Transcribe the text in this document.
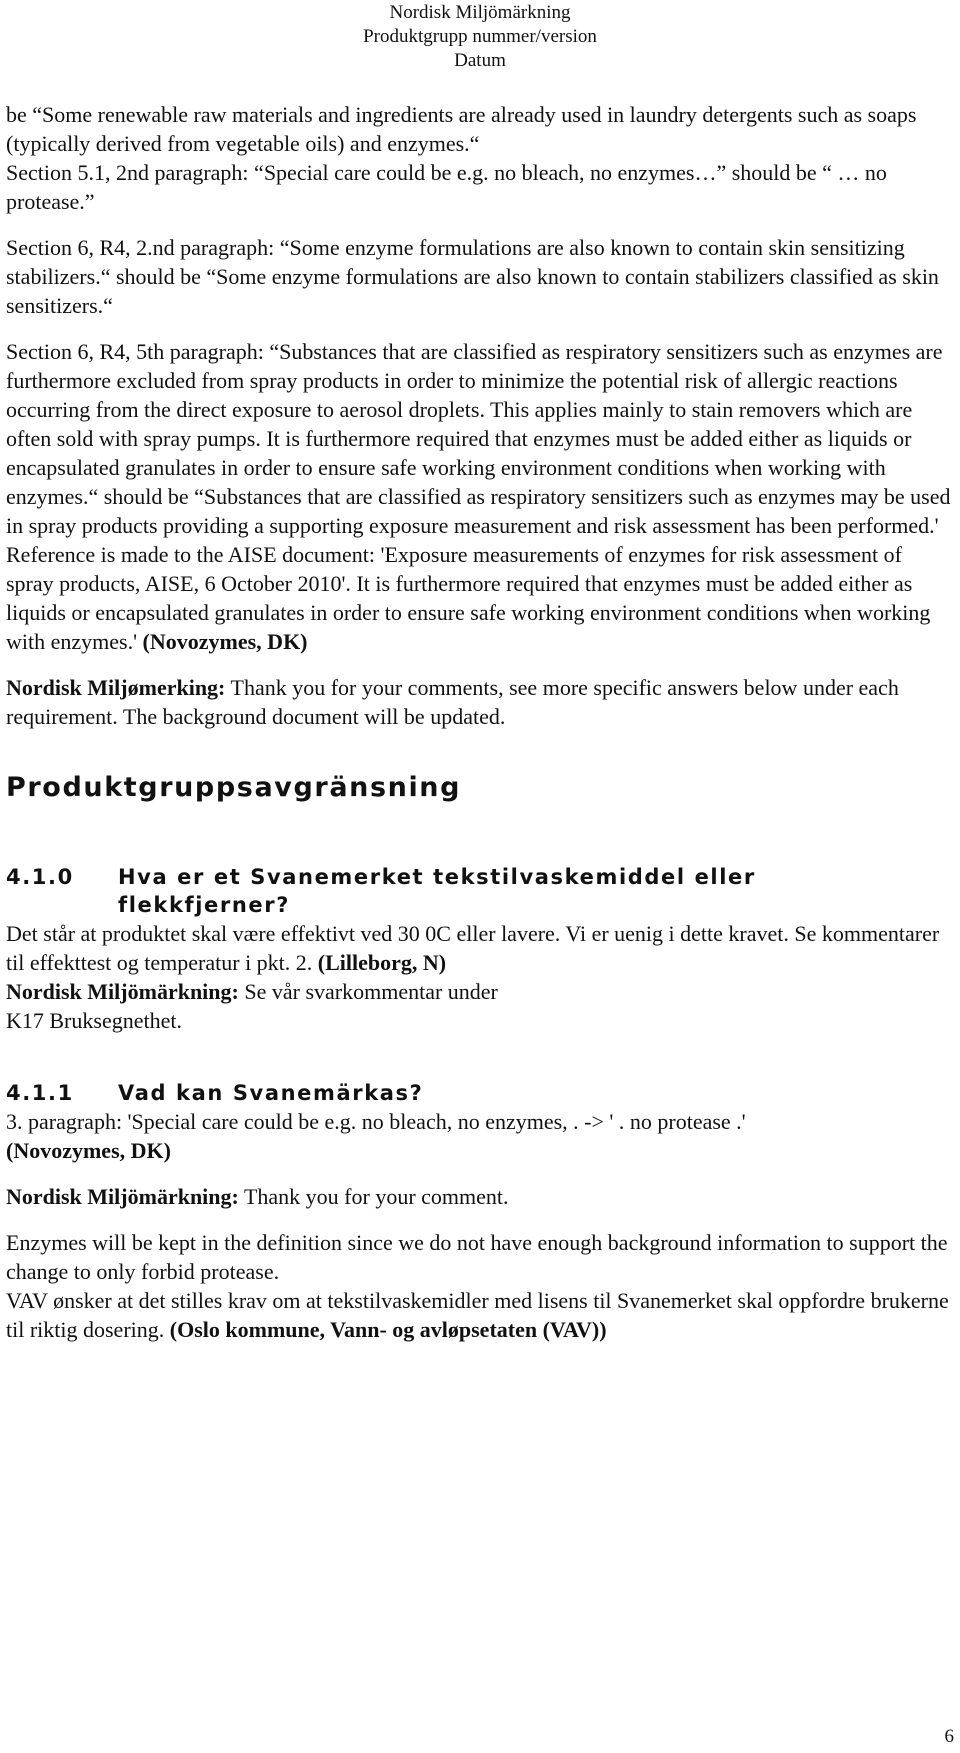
Nordisk Miljömärkning
Produktgrupp nummer/version
Datum

be “Some renewable raw materials and ingredients are already used in laundry detergents such as soaps (typically derived from vegetable oils) and enzymes.“

Section 5.1, 2nd paragraph: “Special care could be e.g. no bleach, no enzymes…” should be “ … no protease.”

Section 6, R4, 2.nd paragraph: “Some enzyme formulations are also known to contain skin sensitizing stabilizers.“ should be “Some enzyme formulations are also known to contain stabilizers classified as skin sensitizers.“

Section 6, R4, 5th paragraph: “Substances that are classified as respiratory sensitizers such as enzymes are furthermore excluded from spray products in order to minimize the potential risk of allergic reactions occurring from the direct exposure to aerosol droplets. This applies mainly to stain removers which are often sold with spray pumps. It is furthermore required that enzymes must be added either as liquids or encapsulated granulates in order to ensure safe working environment conditions when working with enzymes.“ should be “Substances that are classified as respiratory sensitizers such as enzymes may be used in spray products providing a supporting exposure measurement and risk assessment has been performed.' Reference is made to the AISE document: 'Exposure measurements of enzymes for risk assessment of spray products, AISE, 6 October 2010'. It is furthermore required that enzymes must be added either as liquids or encapsulated granulates in order to ensure safe working environment conditions when working with enzymes.' (Novozymes, DK)

Nordisk Miljømerking: Thank you for your comments, see more specific answers below under each requirement. The background document will be updated.

Produktgruppsavgränsning
4.1.0 Hva er et Svanemerket tekstilvaskemiddel eller
flekkfjerner?

Det står at produktet skal være effektivt ved 30 0C eller lavere. Vi er uenig i dette kravet. Se kommentarer til effekttest og temperatur i pkt. 2. (Lilleborg, N)

Nordisk Miljömärkning: Se vår svarkommentar under

K17 Bruksegnethet.

4.1.1 Vad kan Svanemärkas?

3. paragraph: 'Special care could be e.g. no bleach, no enzymes, . -> ' . no protease .'

(Novozymes, DK)

Nordisk Miljömärkning: Thank you for your comment.

Enzymes will be kept in the definition since we do not have enough background information to support the change to only forbid protease.

VAV ønsker at det stilles krav om at tekstilvaskemidler med lisens til Svanemerket skal oppfordre brukerne til riktig dosering. (Oslo kommune, Vann- og avløpsetaten (VAV))

6
